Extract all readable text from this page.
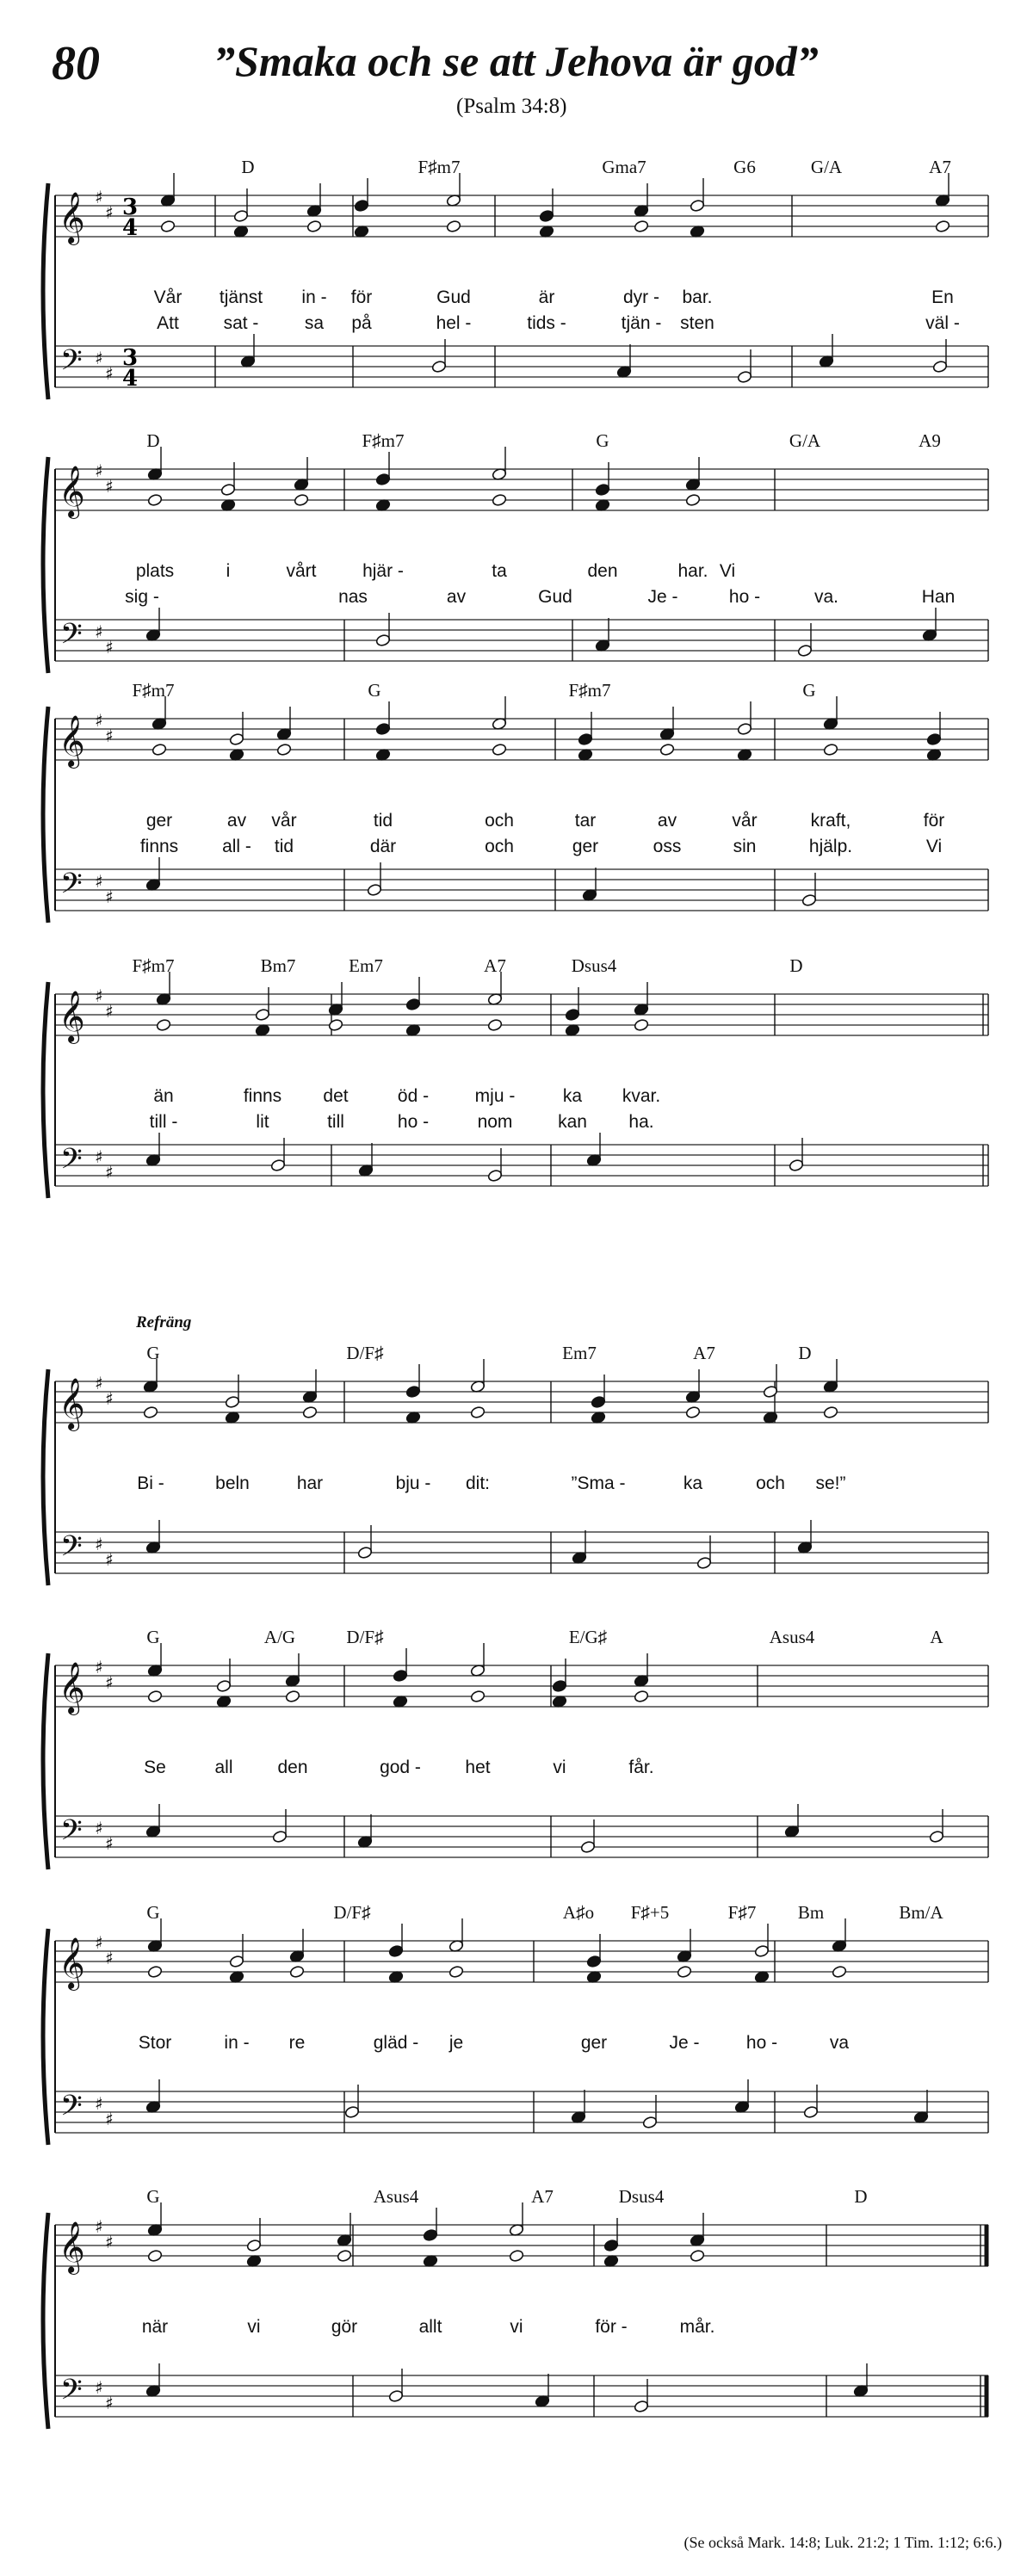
80	”Smaka och se att Jehova är god”
(Psalm 34:8)
𝄞
𝄢
♯
♯
♯
♯
3
4
3
4
D	F♯m7	Gma7	G6	G/A	A7
Vår tjänst in - för	Gud	är	dyr - bar.	En
Att sat -	sa på	hel -	tids -	tjän - sten	väl -
𝄞
𝄢
♯
♯
♯
♯
D	F♯m7	G	G/A	A9
plats	i	vårt	hjär -	ta	den	har. Vi
sig -	nas	av	Gud	Je -	ho -	va.	Han
𝄞
𝄢
♯
♯
♯
♯
F♯m7	G	F♯m7	G
ger	av vår	tid	och	tar	av	vår	kraft,	för
finns all - tid	där	och	ger	oss	sin	hjälp.	Vi
𝄞
𝄢
♯
♯
♯
♯
F♯m7	Bm7	Em7	A7	Dsus4	D
än	finns det	öd -	mju -	ka kvar.
till -	lit	till	ho -	nom	kan ha.
Refräng
𝄞
𝄢
♯
♯
♯
♯
G	D/F♯	Em7	A7	D
Bi -	beln	har	bju - dit:	”Sma -	ka	och se!”
𝄞
𝄢
♯
♯
♯
♯
G	A/G	D/F♯	E/G♯	Asus4	A
Se	all den	god - het	vi	får.
𝄞
𝄢
♯
♯
♯
♯
G	D/F♯	A♯o F♯+5	F♯7 Bm	Bm/A
Stor	in - re	gläd - je	ger	Je -	ho -	va
𝄞
𝄢
♯
♯
♯
♯
G	Asus4	A7	Dsus4	D
när	vi	gör	allt	vi	för -	mår.
(Se också Mark. 14:8; Luk. 21:2; 1 Tim. 1:12; 6:6.)
